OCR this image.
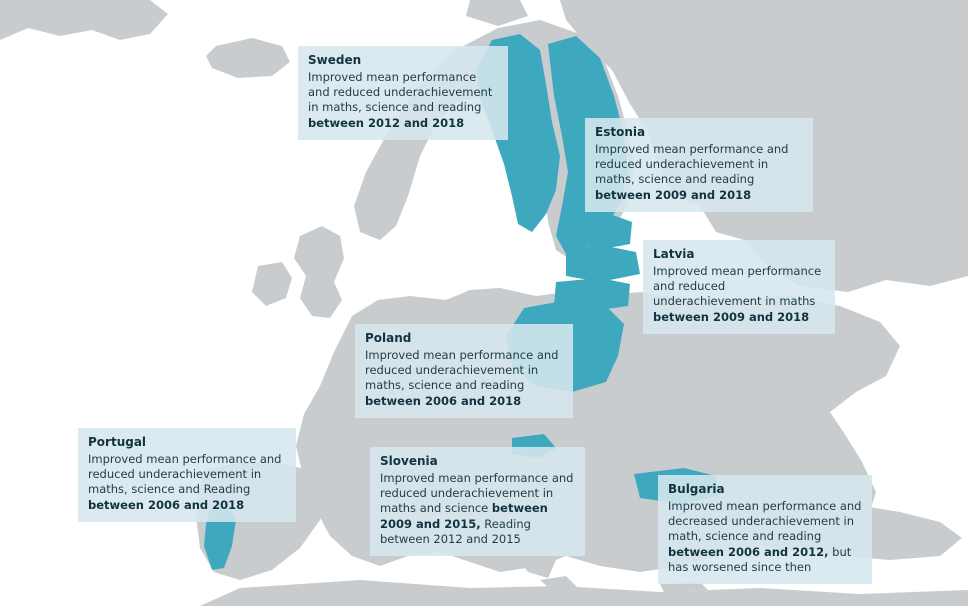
Sweden
Improved mean performance and reduced underachievement in maths, science and reading between 2012 and 2018
Estonia
Improved mean performance and reduced underachievement in maths, science and reading between 2009 and 2018
Latvia
Improved mean performance and reduced underachievement in maths between 2009 and 2018
Poland
Improved mean performance and reduced underachievement in maths, science and reading between 2006 and 2018
Portugal
Improved mean performance and reduced underachievement in maths, science and Reading between 2006 and 2018
Slovenia
Improved mean performance and reduced underachievement in maths and science between 2009 and 2015, Reading between 2012 and 2015
Bulgaria
Improved mean performance and decreased underachievement in math, science and reading between 2006 and 2012, but has worsened since then
